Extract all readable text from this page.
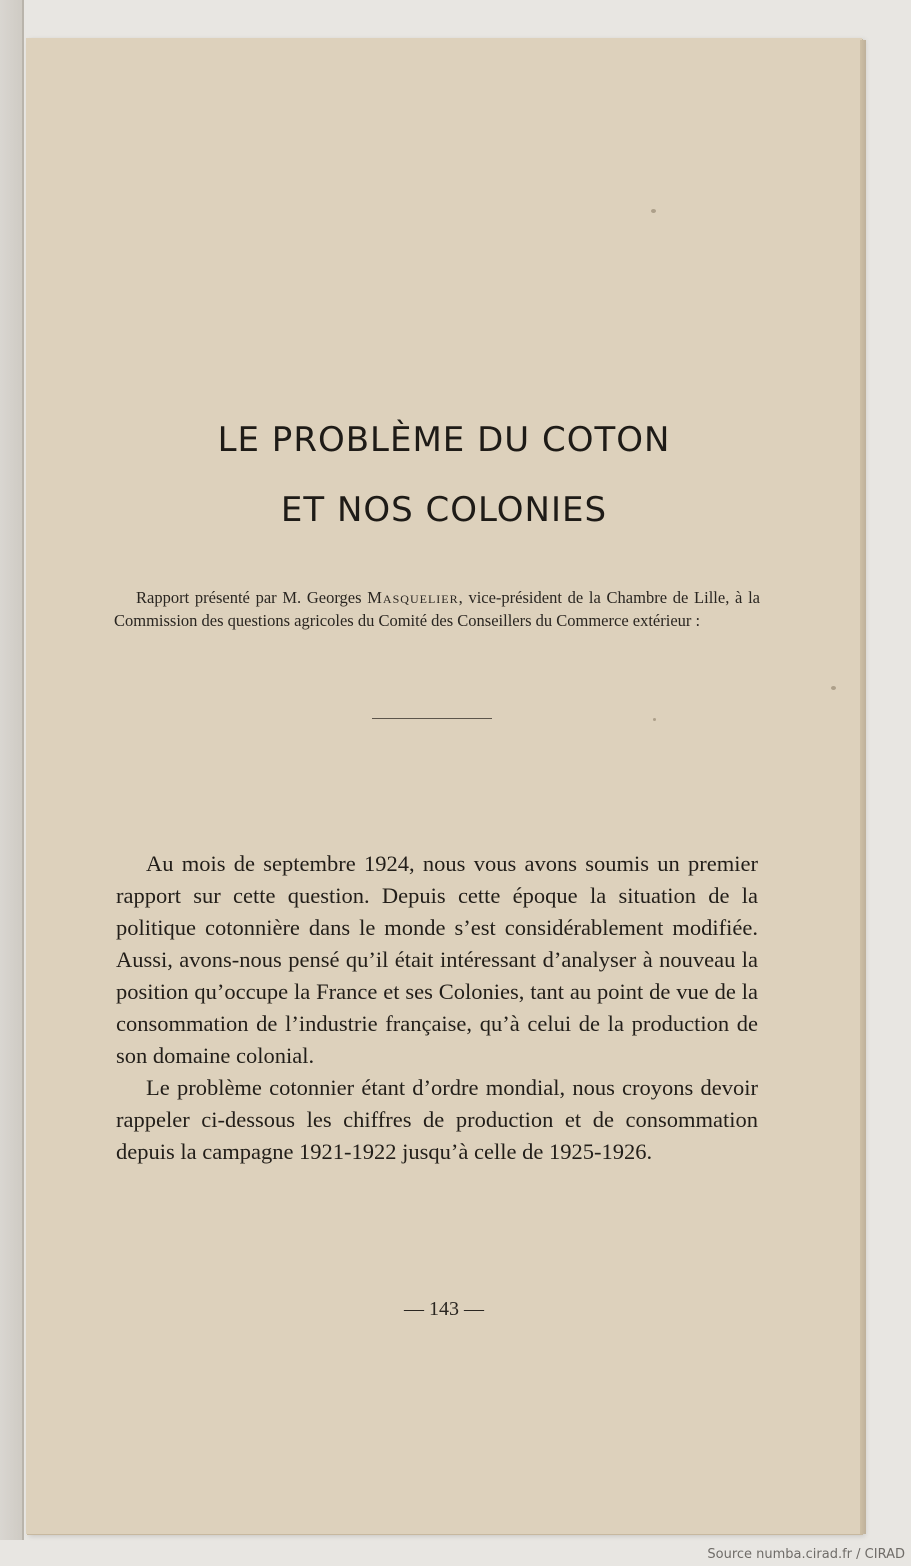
LE PROBLÈME DU COTON
ET NOS COLONIES

Rapport présenté par M. Georges Masquelier, vice-président de la Chambre de Lille, à la Commission des questions agricoles du Comité des Conseillers du Commerce extérieur :

Au mois de septembre 1924, nous vous avons soumis un premier rapport sur cette question. Depuis cette époque la situation de la politique cotonnière dans le monde s’est considérablement modifiée. Aussi, avons-nous pensé qu’il était intéressant d’analyser à nouveau la position qu’occupe la France et ses Colonies, tant au point de vue de la consommation de l’industrie française, qu’à celui de la production de son domaine colonial.

Le problème cotonnier étant d’ordre mondial, nous croyons devoir rappeler ci-dessous les chiffres de production et de consommation depuis la campagne 1921-1922 jusqu’à celle de 1925-1926.

— 143 —
Source numba.cirad.fr / CIRAD
